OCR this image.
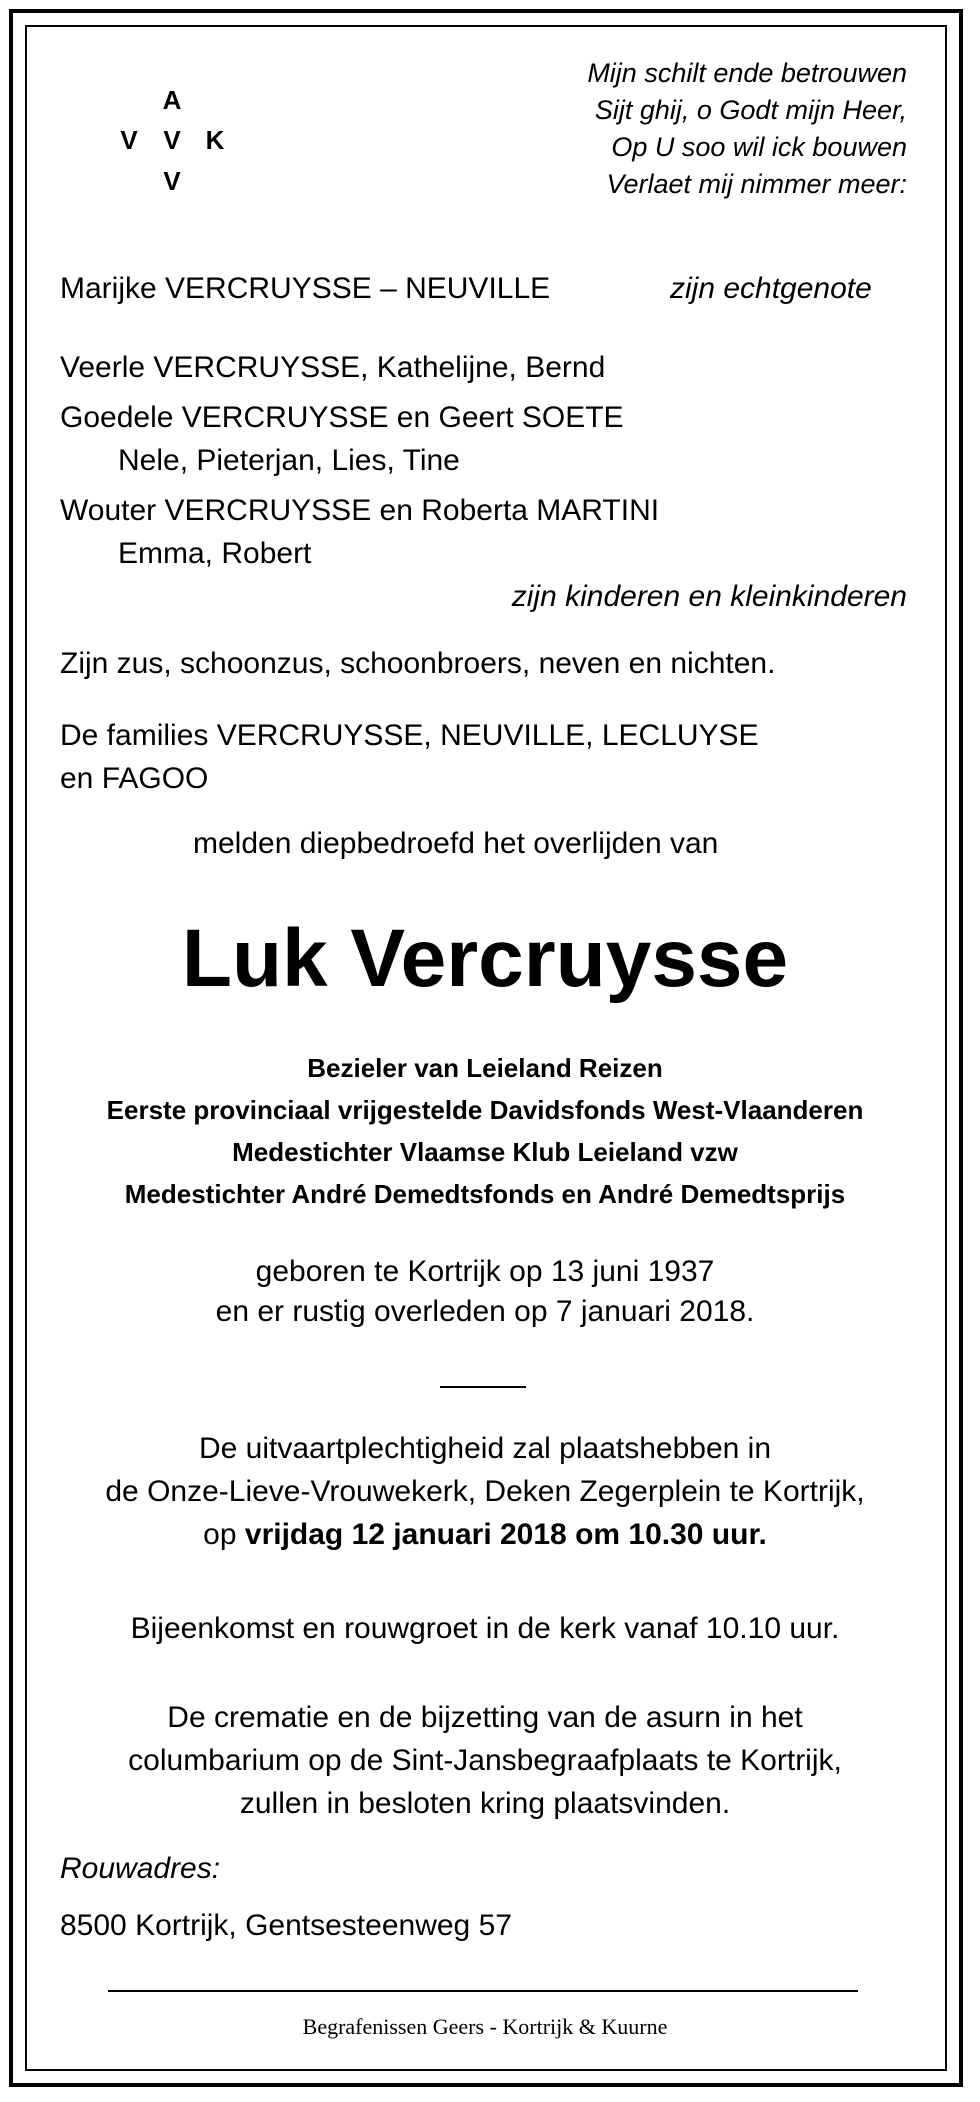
A
V V K
V
Mijn schilt ende betrouwen
Sijt ghij, o Godt mijn Heer,
Op U soo wil ick bouwen
Verlaet mij nimmer meer:
Marijke VERCRUYSSE – NEUVILLE	zijn echtgenote
Veerle VERCRUYSSE, Kathelijne, Bernd
Goedele VERCRUYSSE en Geert SOETE
Nele, Pieterjan, Lies, Tine
Wouter VERCRUYSSE en Roberta MARTINI
Emma, Robert
zijn kinderen en kleinkinderen
Zijn zus, schoonzus, schoonbroers, neven en nichten.
De families VERCRUYSSE, NEUVILLE, LECLUYSE
en FAGOO
melden diepbedroefd het overlijden van
Luk Vercruysse
Bezieler van Leieland Reizen
Eerste provinciaal vrijgestelde Davidsfonds West-Vlaanderen
Medestichter Vlaamse Klub Leieland vzw
Medestichter André Demedtsfonds en André Demedtsprijs
geboren te Kortrijk op 13 juni 1937
en er rustig overleden op 7 januari 2018.
De uitvaartplechtigheid zal plaatshebben in
de Onze-Lieve-Vrouwekerk, Deken Zegerplein te Kortrijk,
op vrijdag 12 januari 2018 om 10.30 uur.
Bijeenkomst en rouwgroet in de kerk vanaf 10.10 uur.
De crematie en de bijzetting van de asurn in het
columbarium op de Sint-Jansbegraafplaats te Kortrijk,
zullen in besloten kring plaatsvinden.
Rouwadres:
8500 Kortrijk, Gentsesteenweg 57
Begrafenissen Geers - Kortrijk & Kuurne
